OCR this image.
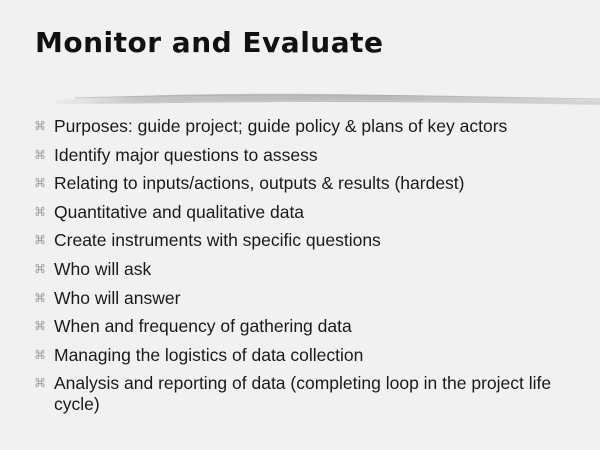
Monitor and Evaluate
⌘ Purposes: guide project; guide policy & plans of key actors
⌘ Identify major questions to assess
⌘ Relating to inputs/actions, outputs & results (hardest)
⌘ Quantitative and qualitative data
⌘ Create instruments with specific questions
⌘ Who will ask
⌘ Who will answer
⌘ When and frequency of gathering data
⌘ Managing the logistics of data collection
⌘ Analysis and reporting of data (completing loop in the project life cycle)
